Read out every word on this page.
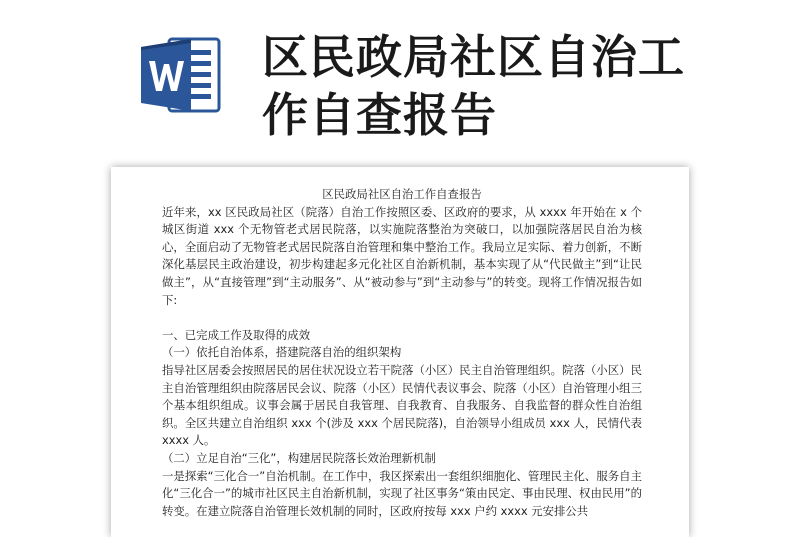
区民政局社区自治工作自查报告
区民政局社区自治工作自查报告

近年来，xx 区民政局社区（院落）自治工作按照区委、区政府的要求，从 xxxx 年开始在 x 个城区街道 xxx 个无物管老式居民院落，以实施院落整治为突破口，以加强院落居民自治为核心，全面启动了无物管老式居民院落自治管理和集中整治工作。我局立足实际、着力创新，不断深化基层民主政治建设，初步构建起多元化社区自治新机制，基本实现了从“代民做主”到“让民做主”，从“直接管理”到“主动服务”、从“被动参与”到“主动参与”的转变。现将工作情况报告如下:

一、已完成工作及取得的成效

（一）依托自治体系，搭建院落自治的组织架构

指导社区居委会按照居民的居住状况设立若干院落（小区）民主自治管理组织。院落（小区）民主自治管理组织由院落居民会议、院落（小区）民情代表议事会、院落（小区）自治管理小组三个基本组织组成。议事会属于居民自我管理、自我教育、自我服务、自我监督的群众性自治组织。全区共建立自治组织 xxx 个(涉及 xxx 个居民院落)，自治领导小组成员 xxx 人，民情代表 xxxx 人。

（二）立足自治“三化”，构建居民院落长效治理新机制

一是探索“三化合一”自治机制。在工作中，我区探索出一套组织细胞化、管理民主化、服务自主化“三化合一”的城市社区民主自治新机制，实现了社区事务“策由民定、事由民理、权由民用”的转变。在建立院落自治管理长效机制的同时，区政府按每 xxx 户约 xxxx 元安排公共
